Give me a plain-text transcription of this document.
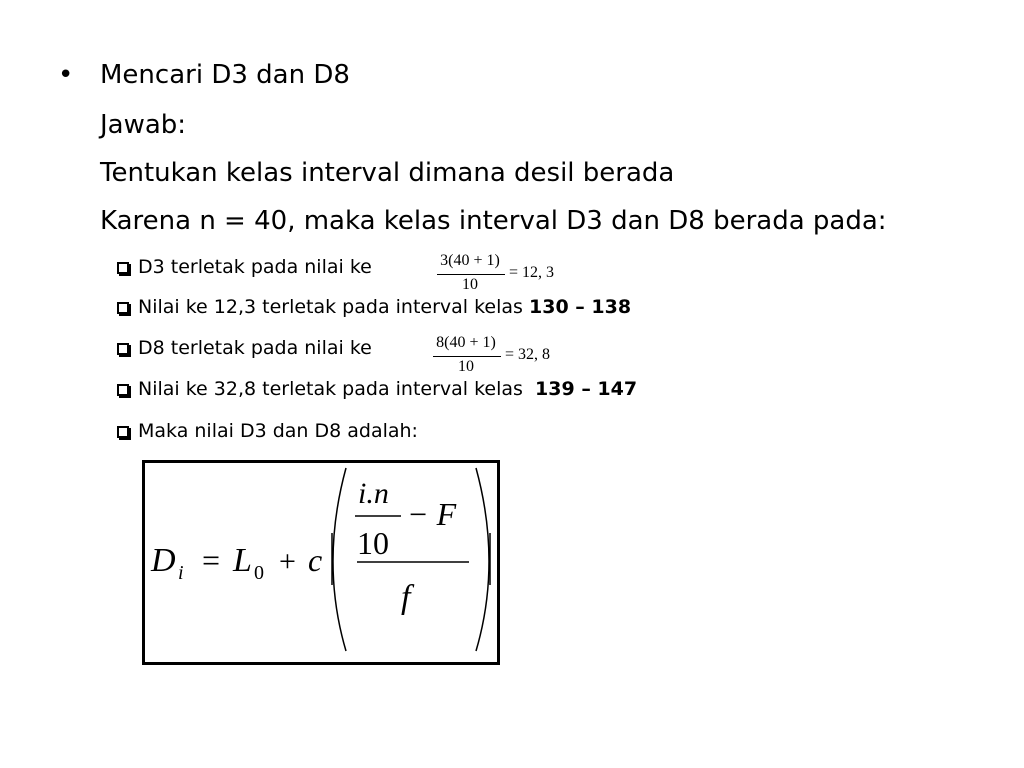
• Mencari D3 dan D8
Jawab:
Tentukan kelas interval dimana desil berada
Karena n = 40, maka kelas interval D3 dan D8 berada pada:
D3 terletak pada nilai ke
Nilai ke 12,3 terletak pada interval kelas 130 – 138
D8 terletak pada nilai ke
Nilai ke 32,8 terletak pada interval kelas 139 – 147
Maka nilai D3 dan D8 adalah:
3(40 + 1)
10
= 12, 3
8(40 + 1)
10
= 32, 8
D i = L 0 + c
i.n
10
− F
f
